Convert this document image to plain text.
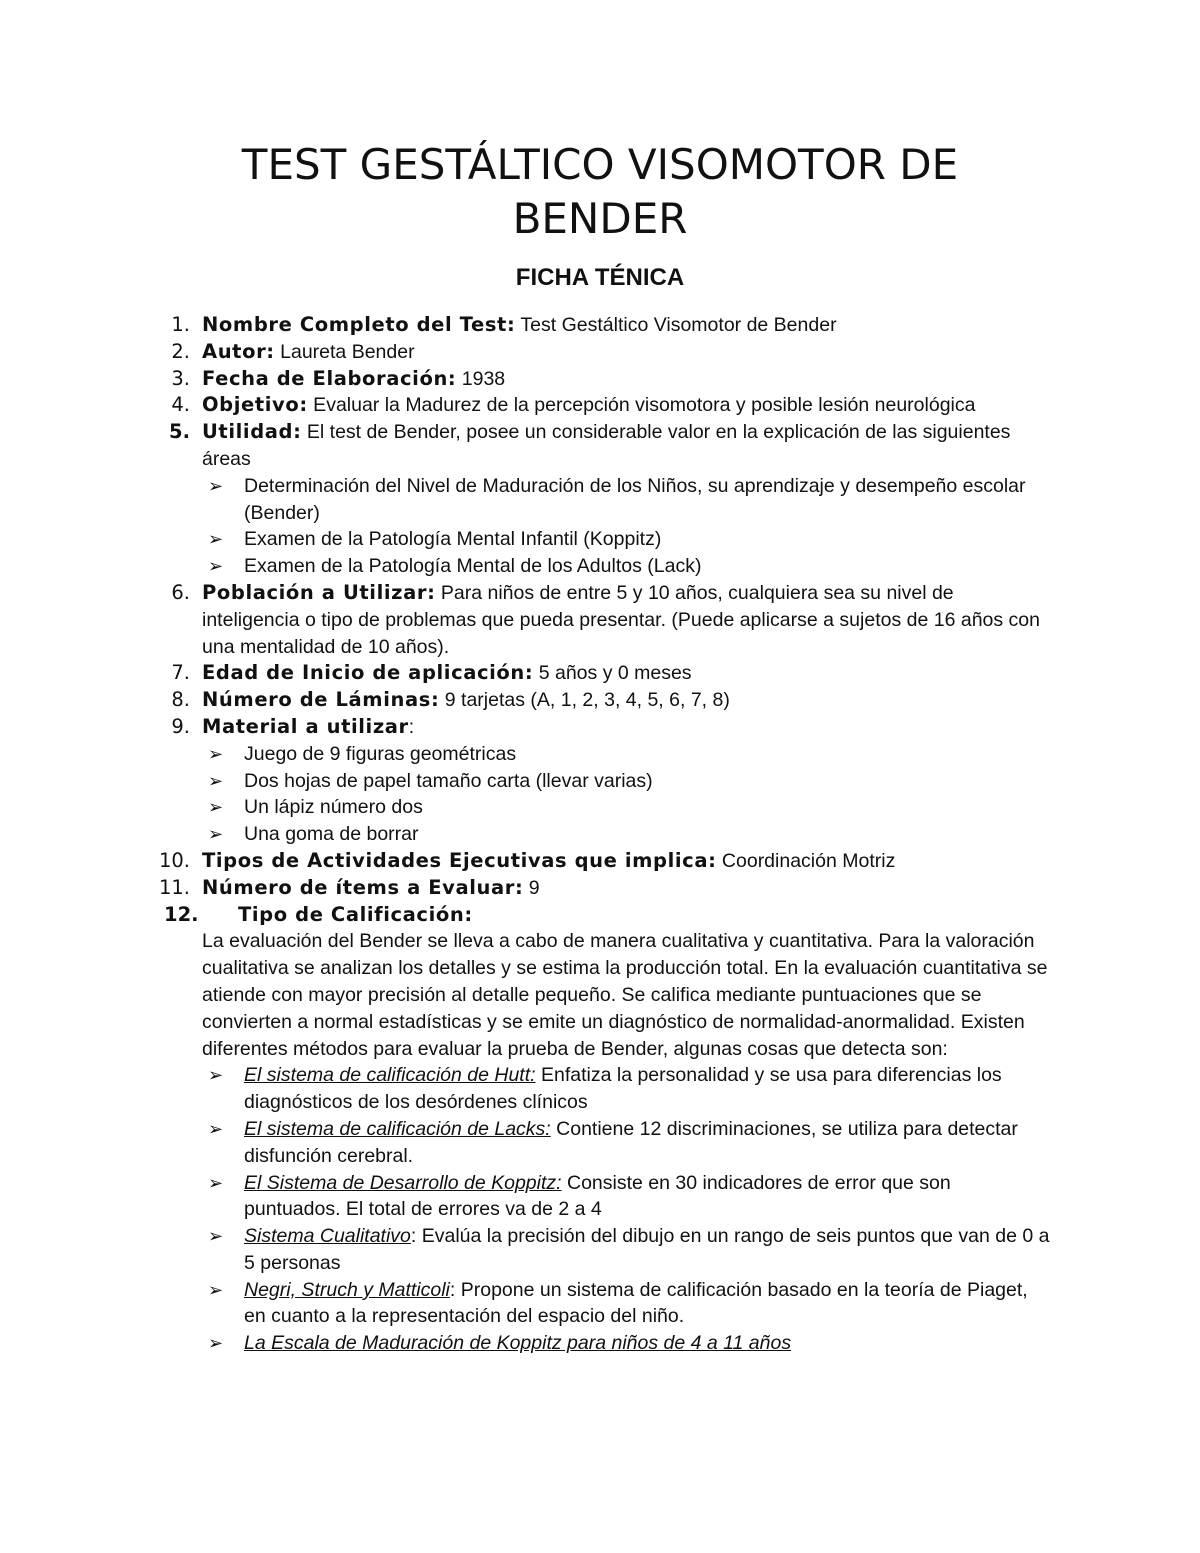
TEST GESTÁLTICO VISOMOTOR DE BENDER
FICHA TÉNICA
1. Nombre Completo del Test: Test Gestáltico Visomotor de Bender
2. Autor: Laureta Bender
3. Fecha de Elaboración: 1938
4. Objetivo: Evaluar la Madurez de la percepción visomotora y posible lesión neurológica
5. Utilidad: El test de Bender, posee un considerable valor en la explicación de las siguientes áreas
➢	Determinación del Nivel de Maduración de los Niños, su aprendizaje y desempeño escolar (Bender)
➢	Examen de la Patología Mental Infantil (Koppitz)
➢	Examen de la Patología Mental de los Adultos (Lack)
6. Población a Utilizar: Para niños de entre 5 y 10 años, cualquiera sea su nivel de inteligencia o tipo de problemas que pueda presentar. (Puede aplicarse a sujetos de 16 años con una mentalidad de 10 años).
7. Edad de Inicio de aplicación: 5 años y 0 meses
8. Número de Láminas: 9 tarjetas (A, 1, 2, 3, 4, 5, 6, 7, 8)
9. Material a utilizar:
➢	Juego de 9 figuras geométricas
➢	Dos hojas de papel tamaño carta (llevar varias)
➢	Un lápiz número dos
➢	Una goma de borrar
10. Tipos de Actividades Ejecutivas que implica: Coordinación Motriz
11. Número de ítems a Evaluar: 9
12.	Tipo de Calificación:
La evaluación del Bender se lleva a cabo de manera cualitativa y cuantitativa. Para la valoración cualitativa se analizan los detalles y se estima la producción total. En la evaluación cuantitativa se atiende con mayor precisión al detalle pequeño. Se califica mediante puntuaciones que se convierten a normal estadísticas y se emite un diagnóstico de normalidad-anormalidad. Existen diferentes métodos para evaluar la prueba de Bender, algunas cosas que detecta son:
➢	El sistema de calificación de Hutt: Enfatiza la personalidad y se usa para diferencias los diagnósticos de los desórdenes clínicos
➢	El sistema de calificación de Lacks: Contiene 12 discriminaciones, se utiliza para detectar disfunción cerebral.
➢	El Sistema de Desarrollo de Koppitz: Consiste en 30 indicadores de error que son puntuados. El total de errores va de 2 a 4
➢	Sistema Cualitativo: Evalúa la precisión del dibujo en un rango de seis puntos que van de 0 a 5 personas
➢	Negri, Struch y Matticoli: Propone un sistema de calificación basado en la teoría de Piaget, en cuanto a la representación del espacio del niño.
➢	La Escala de Maduración de Koppitz para niños de 4 a 11 años
